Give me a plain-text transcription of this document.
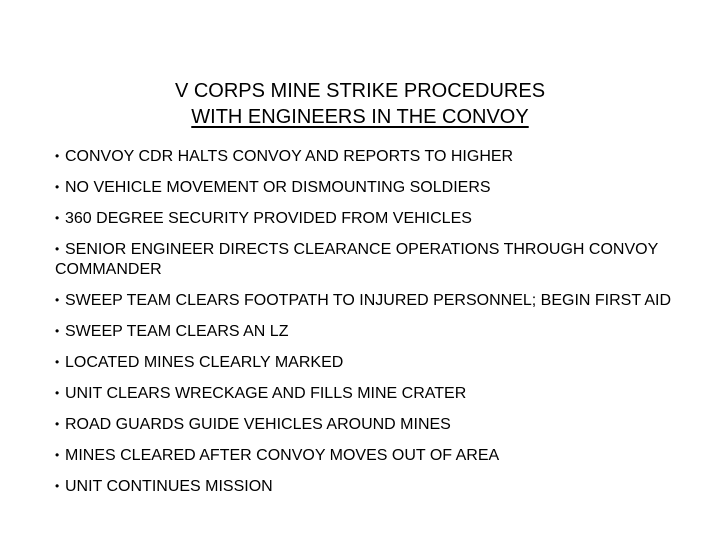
V CORPS MINE STRIKE PROCEDURES
WITH ENGINEERS IN THE CONVOY
• CONVOY CDR HALTS CONVOY AND REPORTS TO HIGHER
• NO VEHICLE MOVEMENT OR DISMOUNTING SOLDIERS
• 360 DEGREE SECURITY PROVIDED FROM VEHICLES
• SENIOR ENGINEER DIRECTS CLEARANCE OPERATIONS THROUGH CONVOY COMMANDER
• SWEEP TEAM CLEARS FOOTPATH TO INJURED PERSONNEL; BEGIN FIRST AID
• SWEEP TEAM CLEARS AN LZ
• LOCATED MINES CLEARLY MARKED
• UNIT CLEARS WRECKAGE AND FILLS MINE CRATER
• ROAD GUARDS GUIDE VEHICLES AROUND MINES
• MINES CLEARED AFTER CONVOY MOVES OUT OF AREA
• UNIT CONTINUES MISSION
